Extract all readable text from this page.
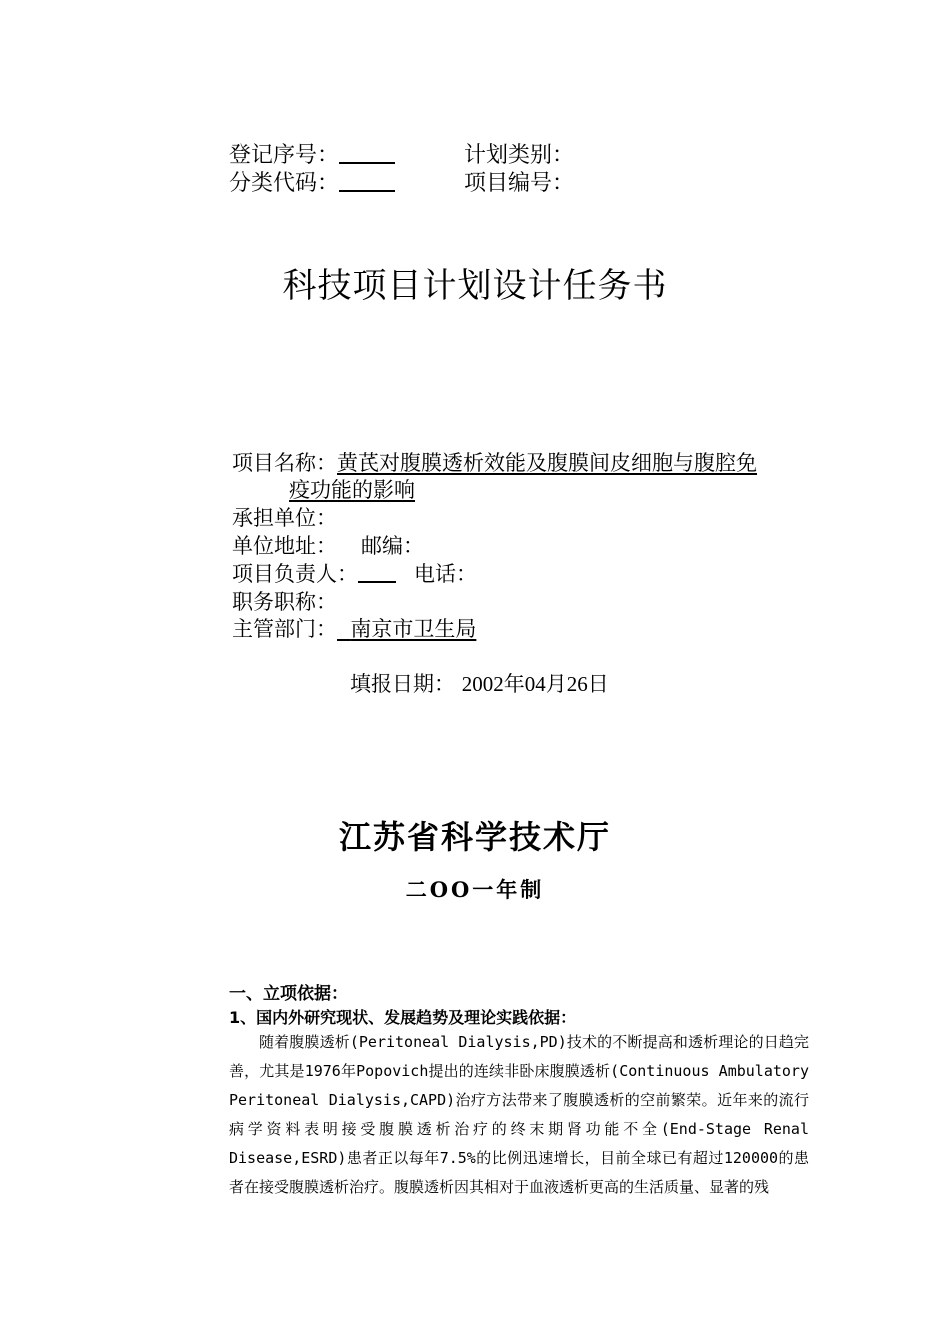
登记序号：	计划类别：
分类代码：	项目编号：
科技项目计划设计任务书
项目名称：黄芪对腹膜透析效能及腹膜间皮细胞与腹腔免
疫功能的影响
承担单位：
单位地址： 邮编：
项目负责人：	电话：
职务职称：
主管部门： 南京市卫生局
填报日期： 2002年04月26日
江苏省科学技术厅
二OO一年制
一、立项依据：
1、国内外研究现状、发展趋势及理论实践依据：
随着腹膜透析(Peritoneal Dialysis,PD)技术的不断提高和透析理论的日趋完善，尤其是1976年Popovich提出的连续非卧床腹膜透析(Continuous Ambulatory Peritoneal Dialysis,CAPD)治疗方法带来了腹膜透析的空前繁荣。近年来的流行病学资料表明接受腹膜透析治疗的终末期肾功能不全(End-Stage Renal Disease,ESRD)患者正以每年7.5%的比例迅速增长，目前全球已有超过120000的患者在接受腹膜透析治疗。腹膜透析因其相对于血液透析更高的生活质量、显著的残
